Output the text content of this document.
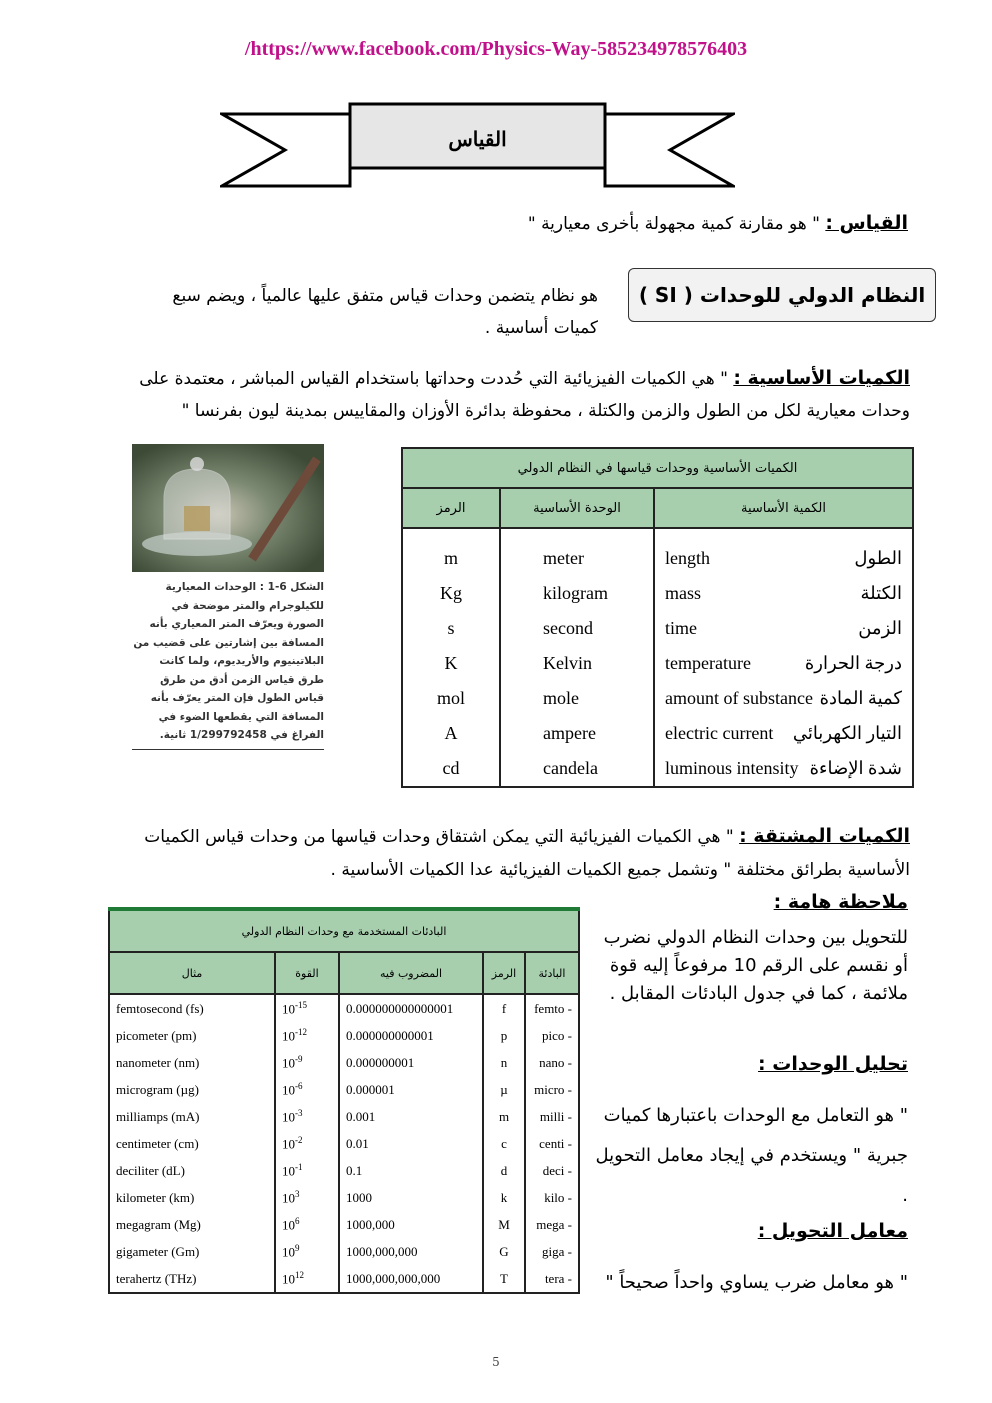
/https://www.facebook.com/Physics-Way-585234978576403
القياس
القياس : " هو مقارنة كمية مجهولة بأخرى معيارية "
النظام الدولي للوحدات ( SI )
هو نظام يتضمن وحدات قياس متفق عليها عالمياً ، ويضم سبع كميات أساسية .
الكميات الأساسية : " هي الكميات الفيزيائية التي حُددت وحداتها باستخدام القياس المباشر ، معتمدة على وحدات معيارية لكل من الطول والزمن والكتلة ، محفوظة بدائرة الأوزان والمقاييس بمدينة ليون بفرنسا "
الشكل 6-1 : الوحدات المعيارية للكيلوجرام والمتر موضحة في الصورة ويعرّف المتر المعياري بأنه المسافة بين إشارتين على قضيب من البلاتينيوم والأريديوم، ولما كانت طرق قياس الزمن أدق من طرق قياس الطول فإن المتر يعرّف بأنه المسافة التي يقطعها الضوء في الفراغ في 1/299792458 ثانية.
الكميات الأساسية ووحدات قياسها في النظام الدولي		
الكمية الأساسية	الوحدة الأساسية	الرمز

الطول
length
meter	m

الكتلة
mass
kilogram	Kg

الزمن
time
second	s

درجة الحرارة
temperature
Kelvin	K

كمية المادة
amount of substance
mole	mol

التيار الكهربائي
electric current
ampere	A

شدة الإضاءة
luminous intensity
candela	cd
الكميات المشتقة : " هي الكميات الفيزيائية التي يمكن اشتقاق وحدات قياسها من وحدات قياس الكميات الأساسية بطرائق مختلفة " وتشمل جميع الكميات الفيزيائية عدا الكميات الأساسية .
البادئات المستخدمة مع وحدات النظام الدولي				
البادئة	الرمز	المضروب فيه	القوة	مثال
femto -	f	0.000000000000001	$10^{-15}$	femtosecond (fs)
pico -	p	0.000000000001	$10^{-12}$	picometer (pm)
nano -	n	0.000000001	$10^{-9}$	nanometer (nm)
micro -	µ	0.000001	$10^{-6}$	microgram (µg)
milli -	m	0.001	$10^{-3}$	milliamps (mA)
centi -	c	0.01	$10^{-2}$	centimeter (cm)
deci -	d	0.1	$10^{-1}$	deciliter (dL)
kilo -	k	1000	$10^3$	kilometer (km)
mega -	M	1000,000	$10^6$	megagram (Mg)
giga -	G	1000,000,000	$10^9$	gigameter (Gm)
tera -	T	1000,000,000,000	$10^{12}$	terahertz (THz)
ملاحظة هامة :
للتحويل بين وحدات النظام الدولي نضرب أو نقسم على الرقم 10 مرفوعاً إليه قوة ملائمة ، كما في جدول البادئات المقابل .
تحليل الوحدات :
" هو التعامل مع الوحدات باعتبارها كميات جبرية " ويستخدم في إيجاد معامل التحويل .
معامل التحويل :
" هو معامل ضرب يساوي واحداً صحيحاً "
5
